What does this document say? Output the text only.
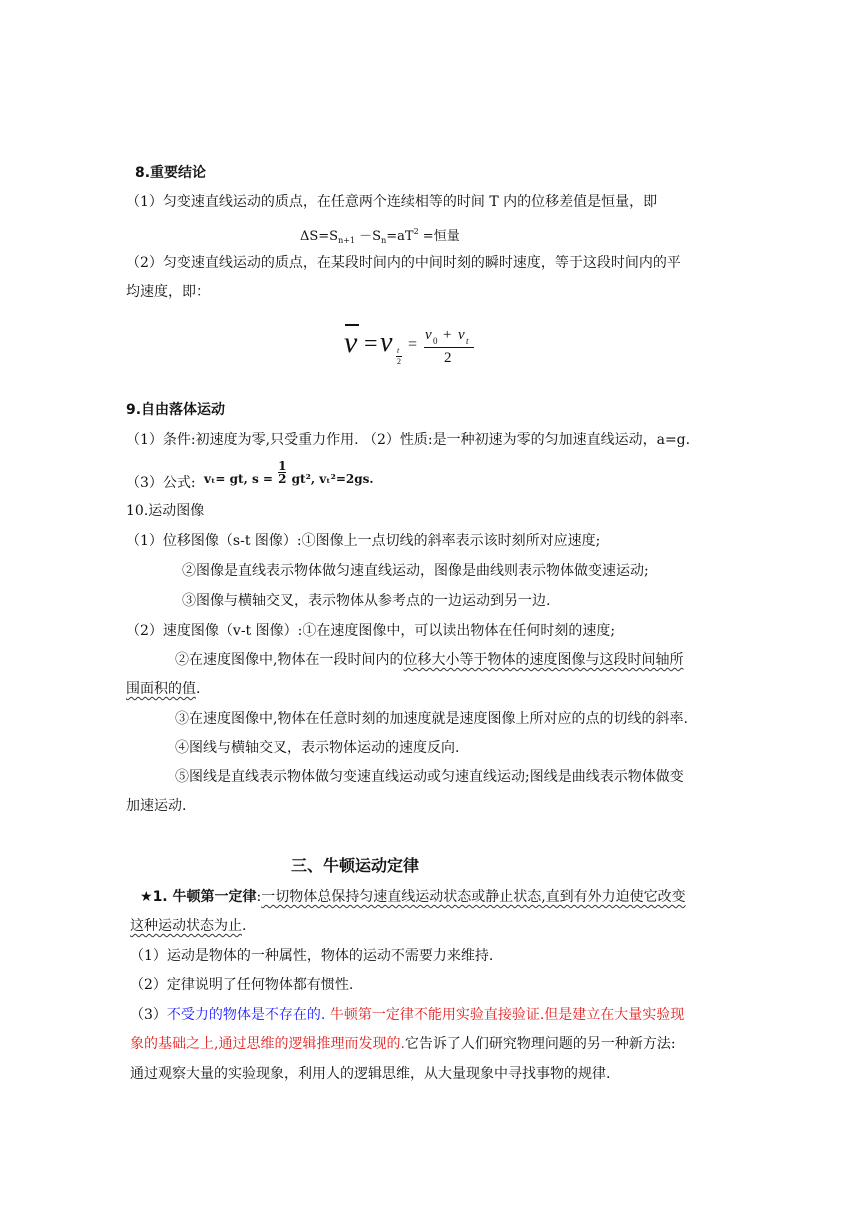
8.重要结论
（1）匀变速直线运动的质点，在任意两个连续相等的时间 T 内的位移差值是恒量，即
$\Delta S=S_{n+1} -S_n=aT^2$ =恒量
（2）匀变速直线运动的质点，在某段时间内的中间时刻的瞬时速度，等于这段时间内的平
均速度，即：
v = v t
2
=
v 0 + v t
2
9.自由落体运动
（1）条件:初速度为零,只受重力作用. （2）性质:是一种初速为零的匀加速直线运动，a=g.
（3）公式: vₜ= gt, $s = \frac{1}{2} gt^2$, vₜ²=2gs.
10.运动图像
（1）位移图像（s-t 图像）:①图像上一点切线的斜率表示该时刻所对应速度;
②图像是直线表示物体做匀速直线运动，图像是曲线则表示物体做变速运动;
③图像与横轴交叉，表示物体从参考点的一边运动到另一边.
（2）速度图像（v-t 图像）:①在速度图像中，可以读出物体在任何时刻的速度;
②在速度图像中,物体在一段时间内的位移大小等于物体的速度图像与这段时间轴所
围面积的值.
③在速度图像中,物体在任意时刻的加速度就是速度图像上所对应的点的切线的斜率.
④图线与横轴交叉，表示物体运动的速度反向.
⑤图线是直线表示物体做匀变速直线运动或匀速直线运动;图线是曲线表示物体做变
加速运动.
三、牛顿运动定律
★1. 牛顿第一定律:一切物体总保持匀速直线运动状态或静止状态,直到有外力迫使它改变
这种运动状态为止.
（1）运动是物体的一种属性，物体的运动不需要力来维持.
（2）定律说明了任何物体都有惯性.
（3）不受力的物体是不存在的. 牛顿第一定律不能用实验直接验证.但是建立在大量实验现
象的基础之上,通过思维的逻辑推理而发现的.它告诉了人们研究物理问题的另一种新方法:
通过观察大量的实验现象，利用人的逻辑思维，从大量现象中寻找事物的规律.
